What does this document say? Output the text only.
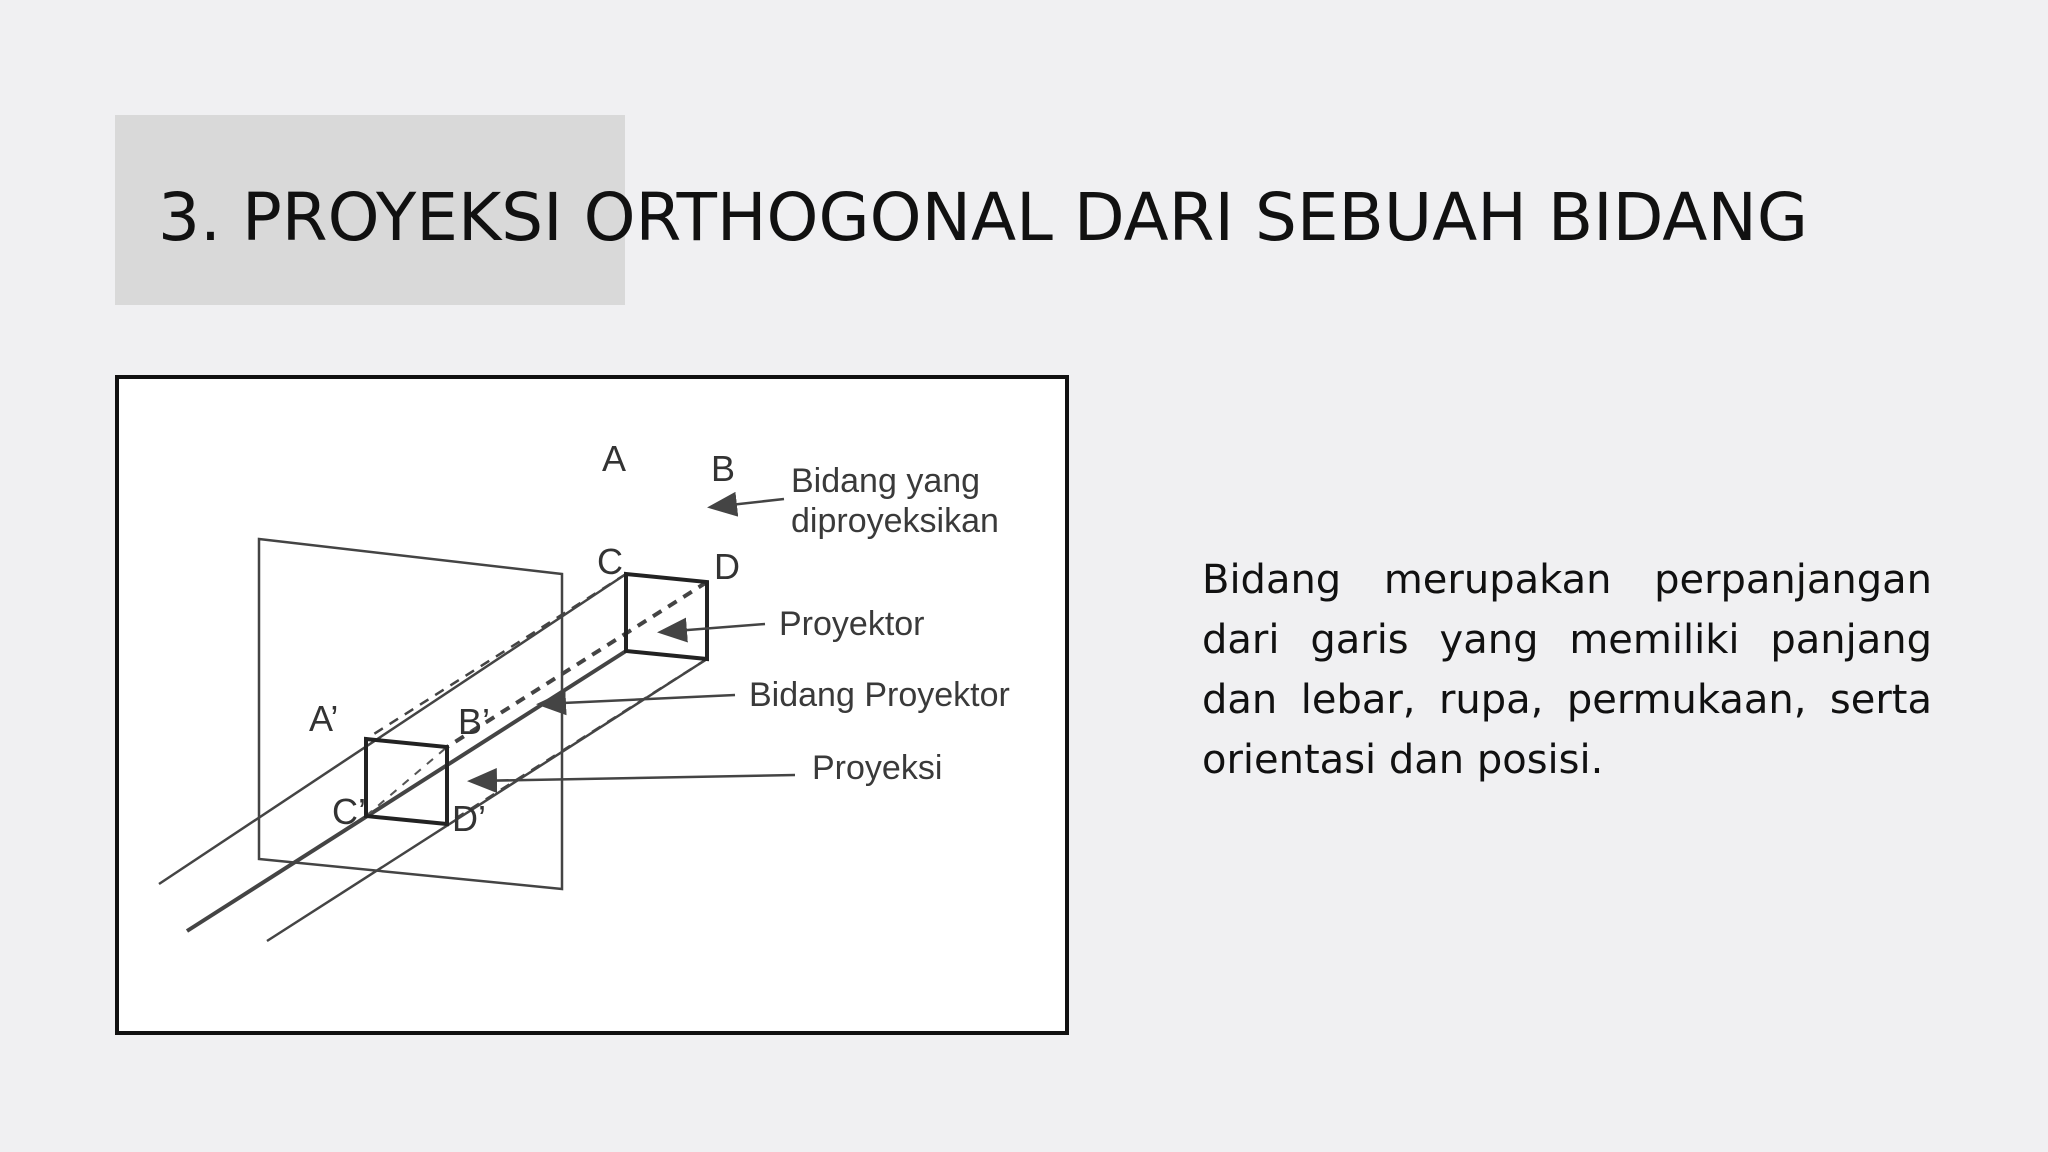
3. PROYEKSI ORTHOGONAL DARI SEBUAH BIDANG
Bidang yang
diproyeksikan
Proyektor
Bidang Proyektor
Proyeksi
A B
C	D
A’	B’
C’ D’

Bidang merupakan perpanjangan dari garis yang memiliki panjang dan lebar, rupa, permukaan, serta orientasi dan posisi.
